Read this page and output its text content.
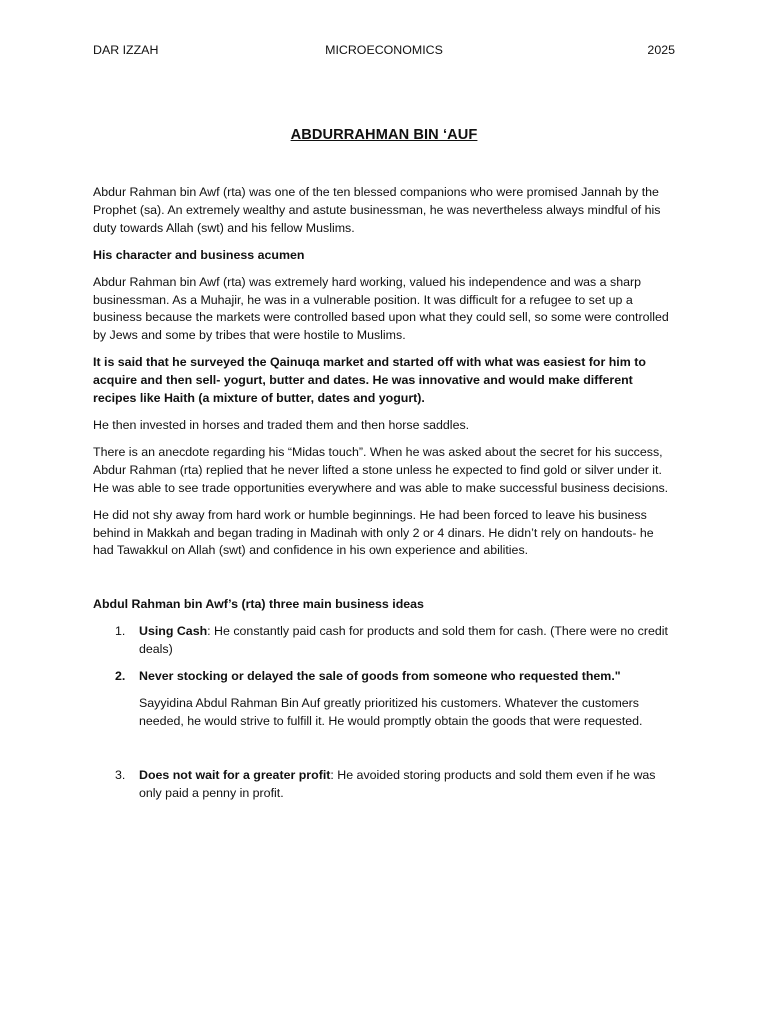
DAR IZZAH	MICROECONOMICS	2025
ABDURRAHMAN BIN ‘AUF

Abdur Rahman bin Awf (rta) was one of the ten blessed companions who were promised Jannah by the Prophet (sa). An extremely wealthy and astute businessman, he was nevertheless always mindful of his duty towards Allah (swt) and his fellow Muslims.

His character and business acumen

Abdur Rahman bin Awf (rta) was extremely hard working, valued his independence and was a sharp businessman. As a Muhajir, he was in a vulnerable position. It was difficult for a refugee to set up a business because the markets were controlled based upon what they could sell, so some were controlled by Jews and some by tribes that were hostile to Muslims.

It is said that he surveyed the Qainuqa market and started off with what was easiest for him to acquire and then sell- yogurt, butter and dates. He was innovative and would make different recipes like Haith (a mixture of butter, dates and yogurt).

He then invested in horses and traded them and then horse saddles.

There is an anecdote regarding his “Midas touch”. When he was asked about the secret for his success, Abdur Rahman (rta) replied that he never lifted a stone unless he expected to find gold or silver under it. He was able to see trade opportunities everywhere and was able to make successful business decisions.

He did not shy away from hard work or humble beginnings. He had been forced to leave his business behind in Makkah and began trading in Madinah with only 2 or 4 dinars. He didn’t rely on handouts- he had Tawakkul on Allah (swt) and confidence in his own experience and abilities.

Abdul Rahman bin Awf’s (rta) three main business ideas

1. Using Cash: He constantly paid cash for products and sold them for cash. (There were no credit deals)
2. Never stocking or delayed the sale of goods from someone who requested them."

Sayyidina Abdul Rahman Bin Auf greatly prioritized his customers. Whatever the customers needed, he would strive to fulfill it. He would promptly obtain the goods that were requested.

3. Does not wait for a greater profit: He avoided storing products and sold them even if he was only paid a penny in profit.
